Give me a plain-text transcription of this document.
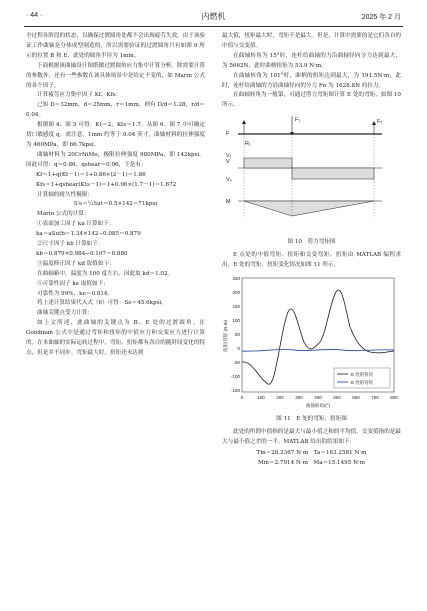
· 44 ·	内燃机	2025 年 2 月

全过程各阶段的状态，以确保过渡圆角处都不会出现疲劳失效。由于该验证工作曲轴是分体成型制造的，所以需要验证的过渡圆角只有如图 9 所示的位置 B 和 E，此处的圆角半径为 1mm。

下面根据该曲轴设计图纸做过渡圆角应力集中计算分析。除需要计算的参数外，还有一些参数在该具体场景中是给定不变的，如 Marin 公式的各个因子。

计算疲劳应力集中因子 Kf、Kfs：

已知 D＝32mm，d＝25mm，r＝1mm，则有 D/d＝1.28，r/d＝0.04。

根据图 4、图 5 可得：Kt＝2，Kts＝1.7。从图 6、图 7 中可确定切口敏感度 q。需注意，1mm 约等于 0.04 英寸，曲轴材料的拉伸强度为 460MPa，即 66.7kpsi。

曲轴材料为 20CrNiMo，极限拉伸强度 980MPa，即 142kpsi。因此可得：q＝0.86，qshear＝0.96，于是有：

Kf＝1+q(Kt－1)＝1+0.86×(2－1)＝1.86

Kfs＝1+qshear(Kts－1)＝1+0.96×(1.7－1)＝1.672

计算轴的耐久性极限：

S′e＝½Sut＝0.5×142＝71kpsi

Marin 公式的计算：

①表面加工因子 ka 计算如下：

ka＝aSutb＝1.34×142−0.085＝0.879

②尺寸因子 kb 计算如下：

kb＝0.879×0.984−0.107＝0.880

③温度修正因子 kd 取值如下：

在曲轴箱中，温度为 100 度左右，因此取 kd＝1.02。

④可靠性因子 ke 取值如下：

可靠性为 99%，ke＝0.814。

将上述计算结果代入式（6）可得：Se＝45.6kpsi。

曲轴关键点受力计算：

如上文所述，此曲轴的关键点为 B、E 处的过渡圆角。在 Goodman 公式中是通过弯矩和扭矩的中值应力和交变应力进行计算的。在本曲轴的实际运转过程中，弯矩、扭矩都有各自的随时间变化的特点，但是并不同步。弯矩最大时，扭矩还未达到

最大值，扭矩最大时，弯矩不是最大。但是，计算中需要的是它们各自的中值与交变值。

在曲轴转角为 15°时，连杆给曲轴的力沿曲轴径向分力达到最大，为 5662N，此时曲柄扭矩为 53.9 N·m。

在曲轴转角为 101°时，曲柄的扭矩达到最大，为 191.5N·m，此时，连杆给曲轴的力沿曲轴径向的分力 Fn 为 1628.8N 的拉力。

在曲轴转角为一般第，可通过剪力弯矩图计算 E 处的弯矩，如图 10 所示。

F
F₁	F₂
R₁
V
V₁
V₂
M
图 10　剪力弯矩图

E 点处的中值弯矩、扭矩和交变弯矩、扭矩由 MATLAB 编程求出，E 处的弯矩、扭矩变化情况如图 11 所示。

250
200
150
100
50
0
-50
-100
-150
0	100	200	300	400	500	600	700	800
曲轴转角/(°)
扭矩/弯矩 (N·m)
E 处的扭矩
E 处的弯矩
图 11　E 处的弯矩、扭矩图

此处的所谓中值指的是最大与最小值之和的平均值，交变值指的是最大与最小值之差的一半。MATLAB 给出的结果如下：

Tm＝28.2367 N·m　Ta＝163.2581 N·m

Mm＝2.7914 N·m　Ma＝15.1495 N·m
